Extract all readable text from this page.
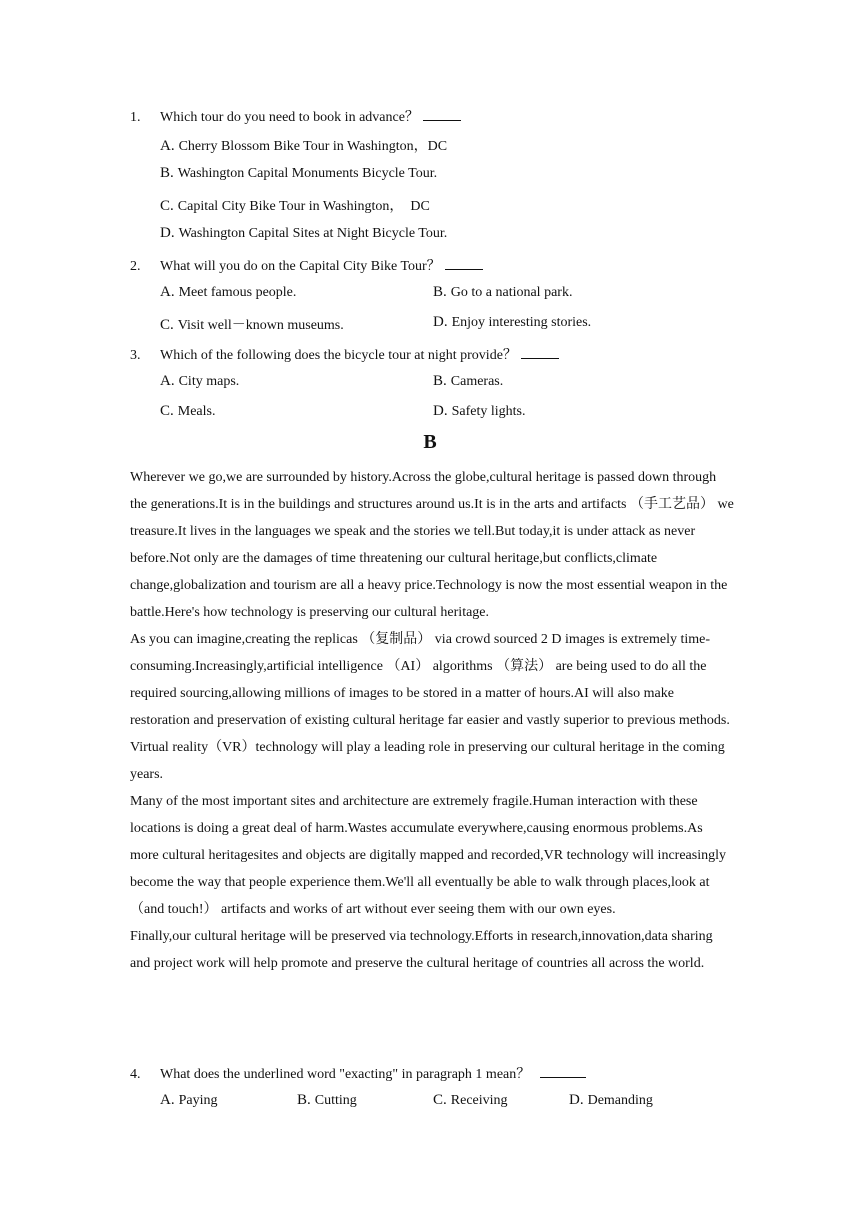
1. Which tour do you need to book in advance？
A. Cherry Blossom Bike Tour in Washington，DC
B. Washington Capital Monuments Bicycle Tour.
C. Capital City Bike Tour in Washington，  DC
D. Washington Capital Sites at Night Bicycle Tour.
2. What will you do on the Capital City Bike Tour？
A. Meet famous people.	B. Go to a national park.
C. Visit well－known museums.	D. Enjoy interesting stories.
3. Which of the following does the bicycle tour at night provide？
A. City maps.	B. Cameras.
C. Meals.	D. Safety lights.
B

Wherever we go,we are surrounded by history.Across the globe,cultural heritage is passed down through the generations.It is in the buildings and structures around us.It is in the arts and artifacts （手工艺品） we treasure.It lives in the languages we speak and the stories we tell.But today,it is under attack as never before.Not only are the damages of time threatening our cultural heritage,but conflicts,climate change,globalization and tourism are all a heavy price.Technology is now the most essential weapon in the battle.Here's how technology is preserving our cultural heritage.

As you can imagine,creating the replicas （复制品） via crowd sourced 2 D images is extremely time-consuming.Increasingly,artificial intelligence （AI） algorithms （算法） are being used to do all the required sourcing,allowing millions of images to be stored in a matter of hours.AI will also make restoration and preservation of existing cultural heritage far easier and vastly superior to previous methods.

Virtual reality（VR）technology will play a leading role in preserving our cultural heritage in the coming years.

Many of the most important sites and architecture are extremely fragile.Human interaction with these locations is doing a great deal of harm.Wastes accumulate everywhere,causing enormous problems.As more cultural heritagesites and objects are digitally mapped and recorded,VR technology will increasingly become the way that people experience them.We'll all eventually be able to walk through places,look at （and touch!） artifacts and works of art without ever seeing them with our own eyes.

Finally,our cultural heritage will be preserved via technology.Efforts in research,innovation,data sharing and project work will help promote and preserve the cultural heritage of countries all across the world.

4. What does the underlined word "exacting" in paragraph 1 mean？
A. Paying	B. Cutting	C. Receiving	D. Demanding
